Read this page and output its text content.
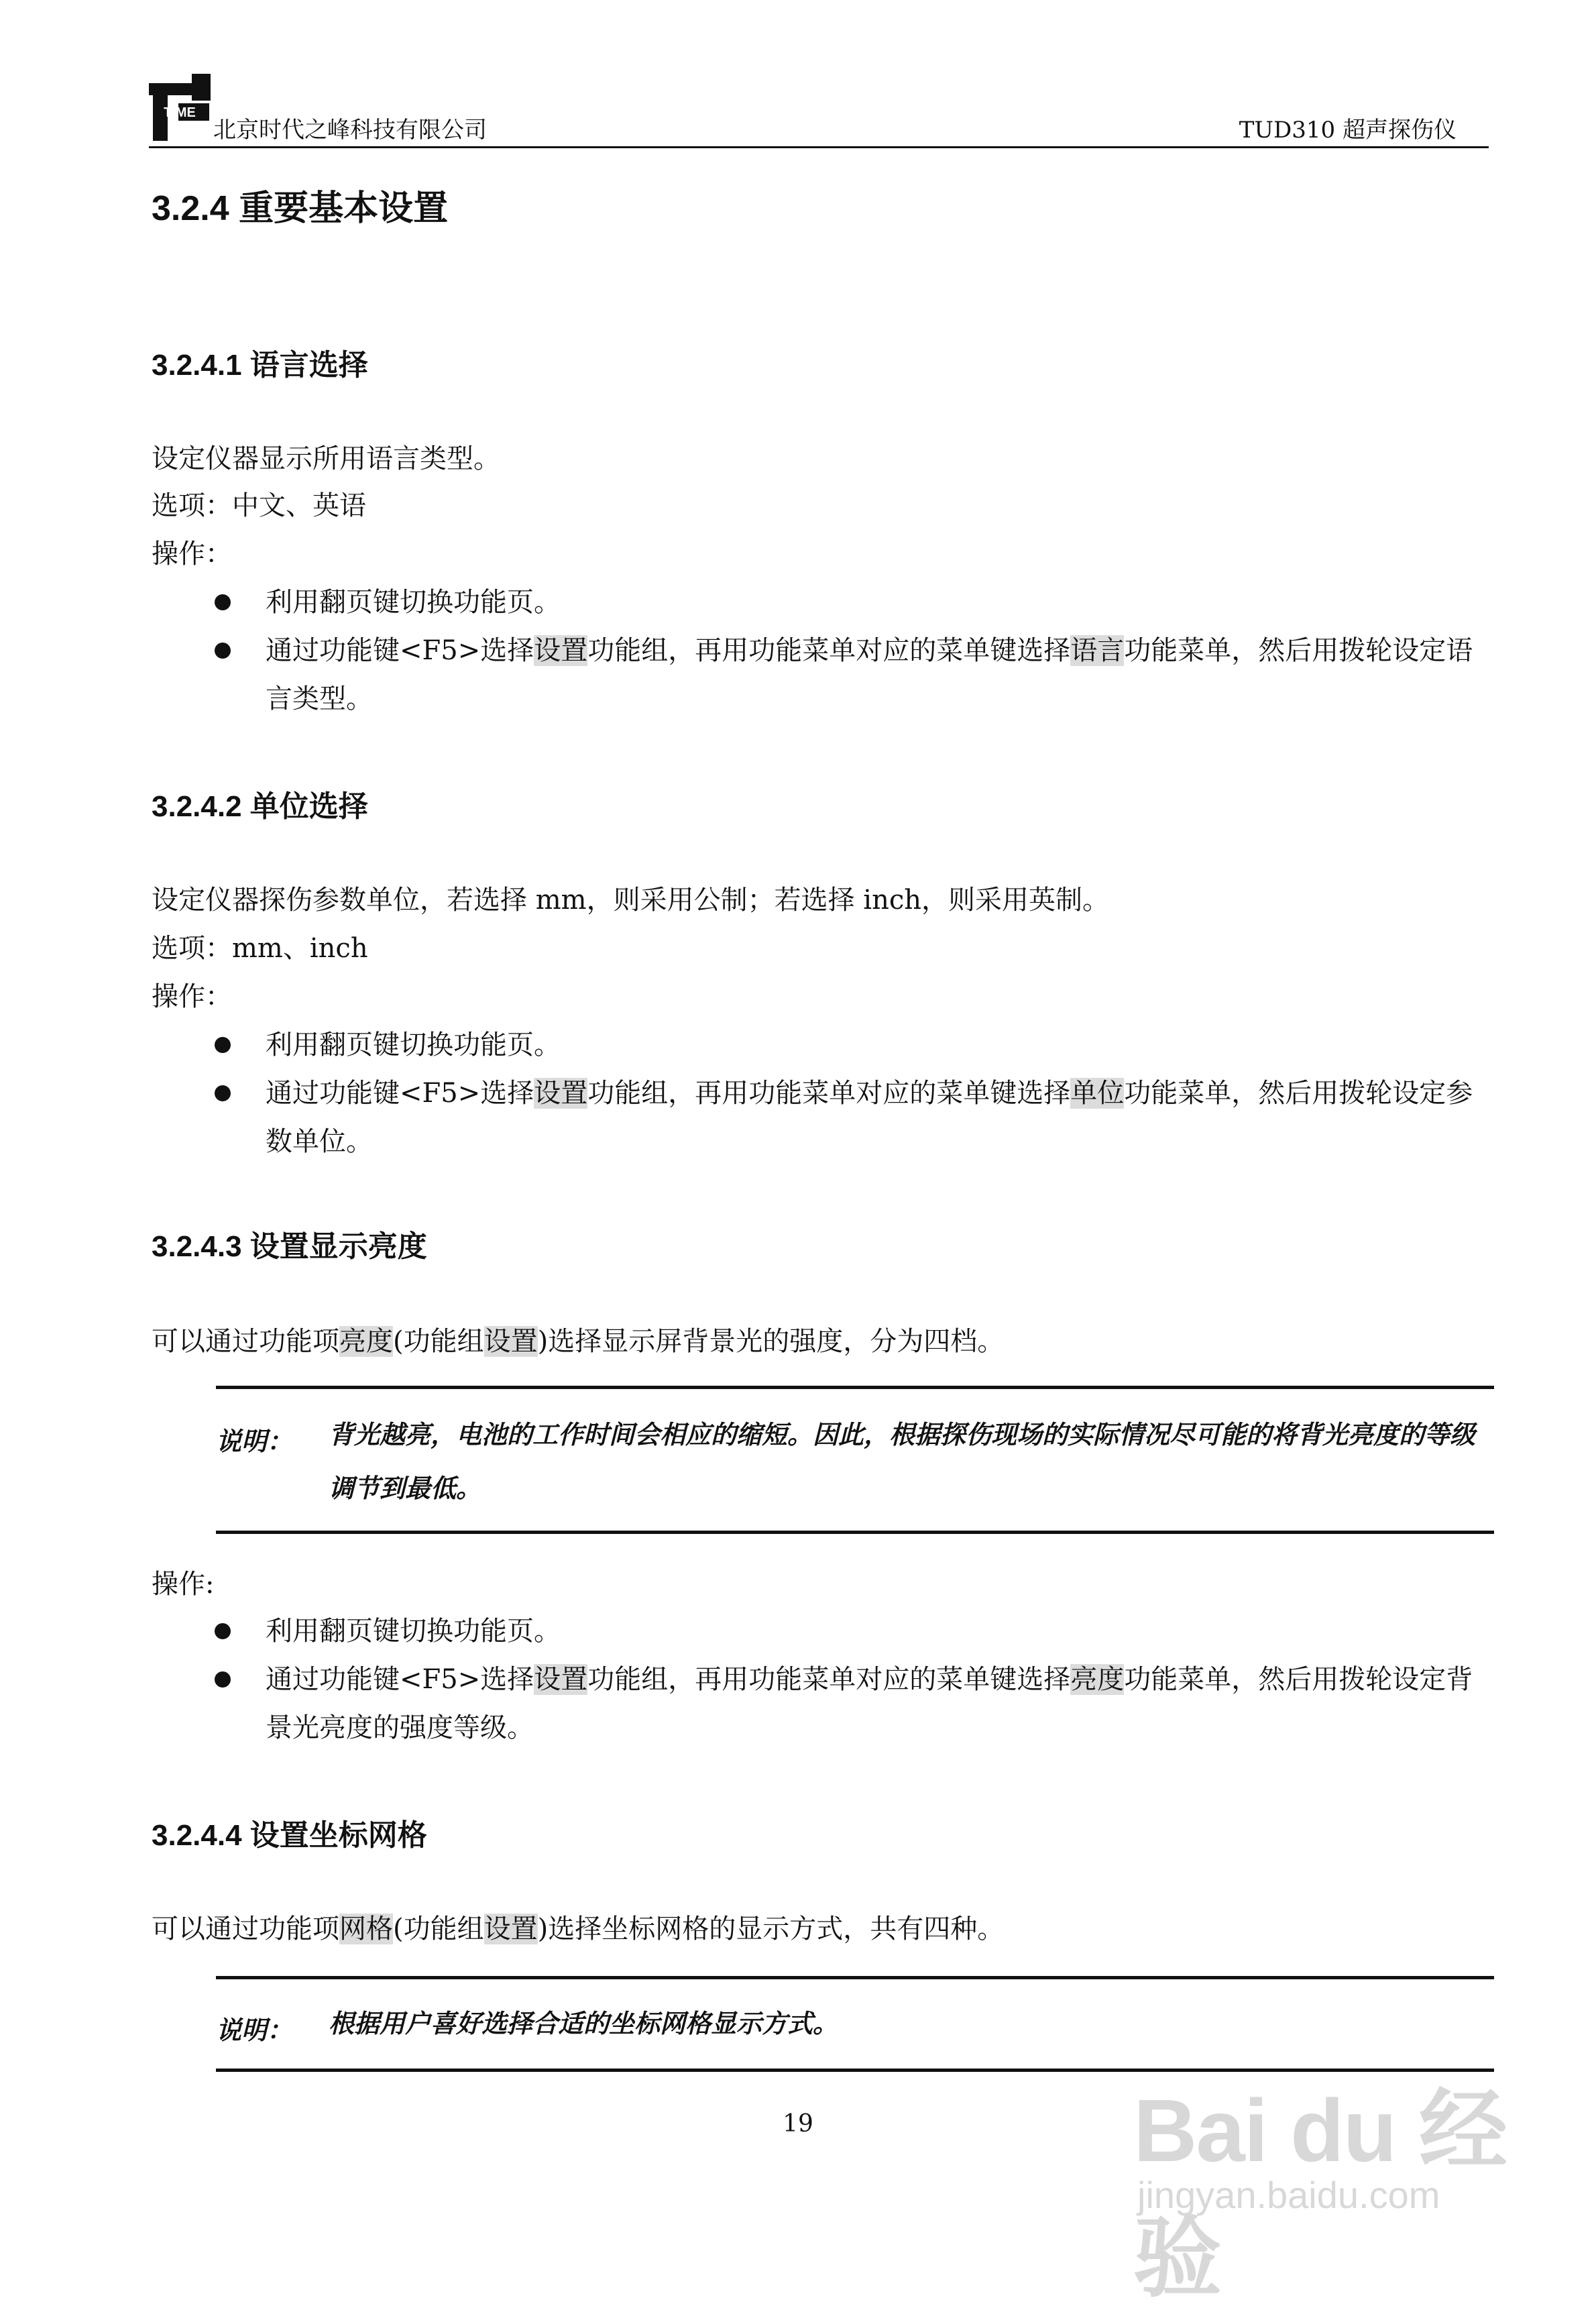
TIME
北京时代之峰科技有限公司	TUD310 超声探伤仪
3.2.4 重要基本设置
3.2.4.1 语言选择
设定仪器显示所用语言类型。
选项：中文、英语
操作：
利用翻页键切换功能页。
通过功能键<F5>选择设置功能组，再用功能菜单对应的菜单键选择语言功能菜单，然后用拨轮设定语言类型。
3.2.4.2 单位选择
设定仪器探伤参数单位，若选择 mm，则采用公制；若选择 inch，则采用英制。
选项：mm、inch
操作：
利用翻页键切换功能页。
通过功能键<F5>选择设置功能组，再用功能菜单对应的菜单键选择单位功能菜单，然后用拨轮设定参数单位。
3.2.4.3 设置显示亮度
可以通过功能项亮度(功能组设置)选择显示屏背景光的强度，分为四档。
说明： 背光越亮，电池的工作时间会相应的缩短。因此，根据探伤现场的实际情况尽可能的将背光亮度的等级调节到最低。
操作:
利用翻页键切换功能页。
通过功能键<F5>选择设置功能组，再用功能菜单对应的菜单键选择亮度功能菜单，然后用拨轮设定背景光亮度的强度等级。
3.2.4.4 设置坐标网格
可以通过功能项网格(功能组设置)选择坐标网格的显示方式，共有四种。
说明： 根据用户喜好选择合适的坐标网格显示方式。
19	Bai du 经验
jingyan.baidu.com
